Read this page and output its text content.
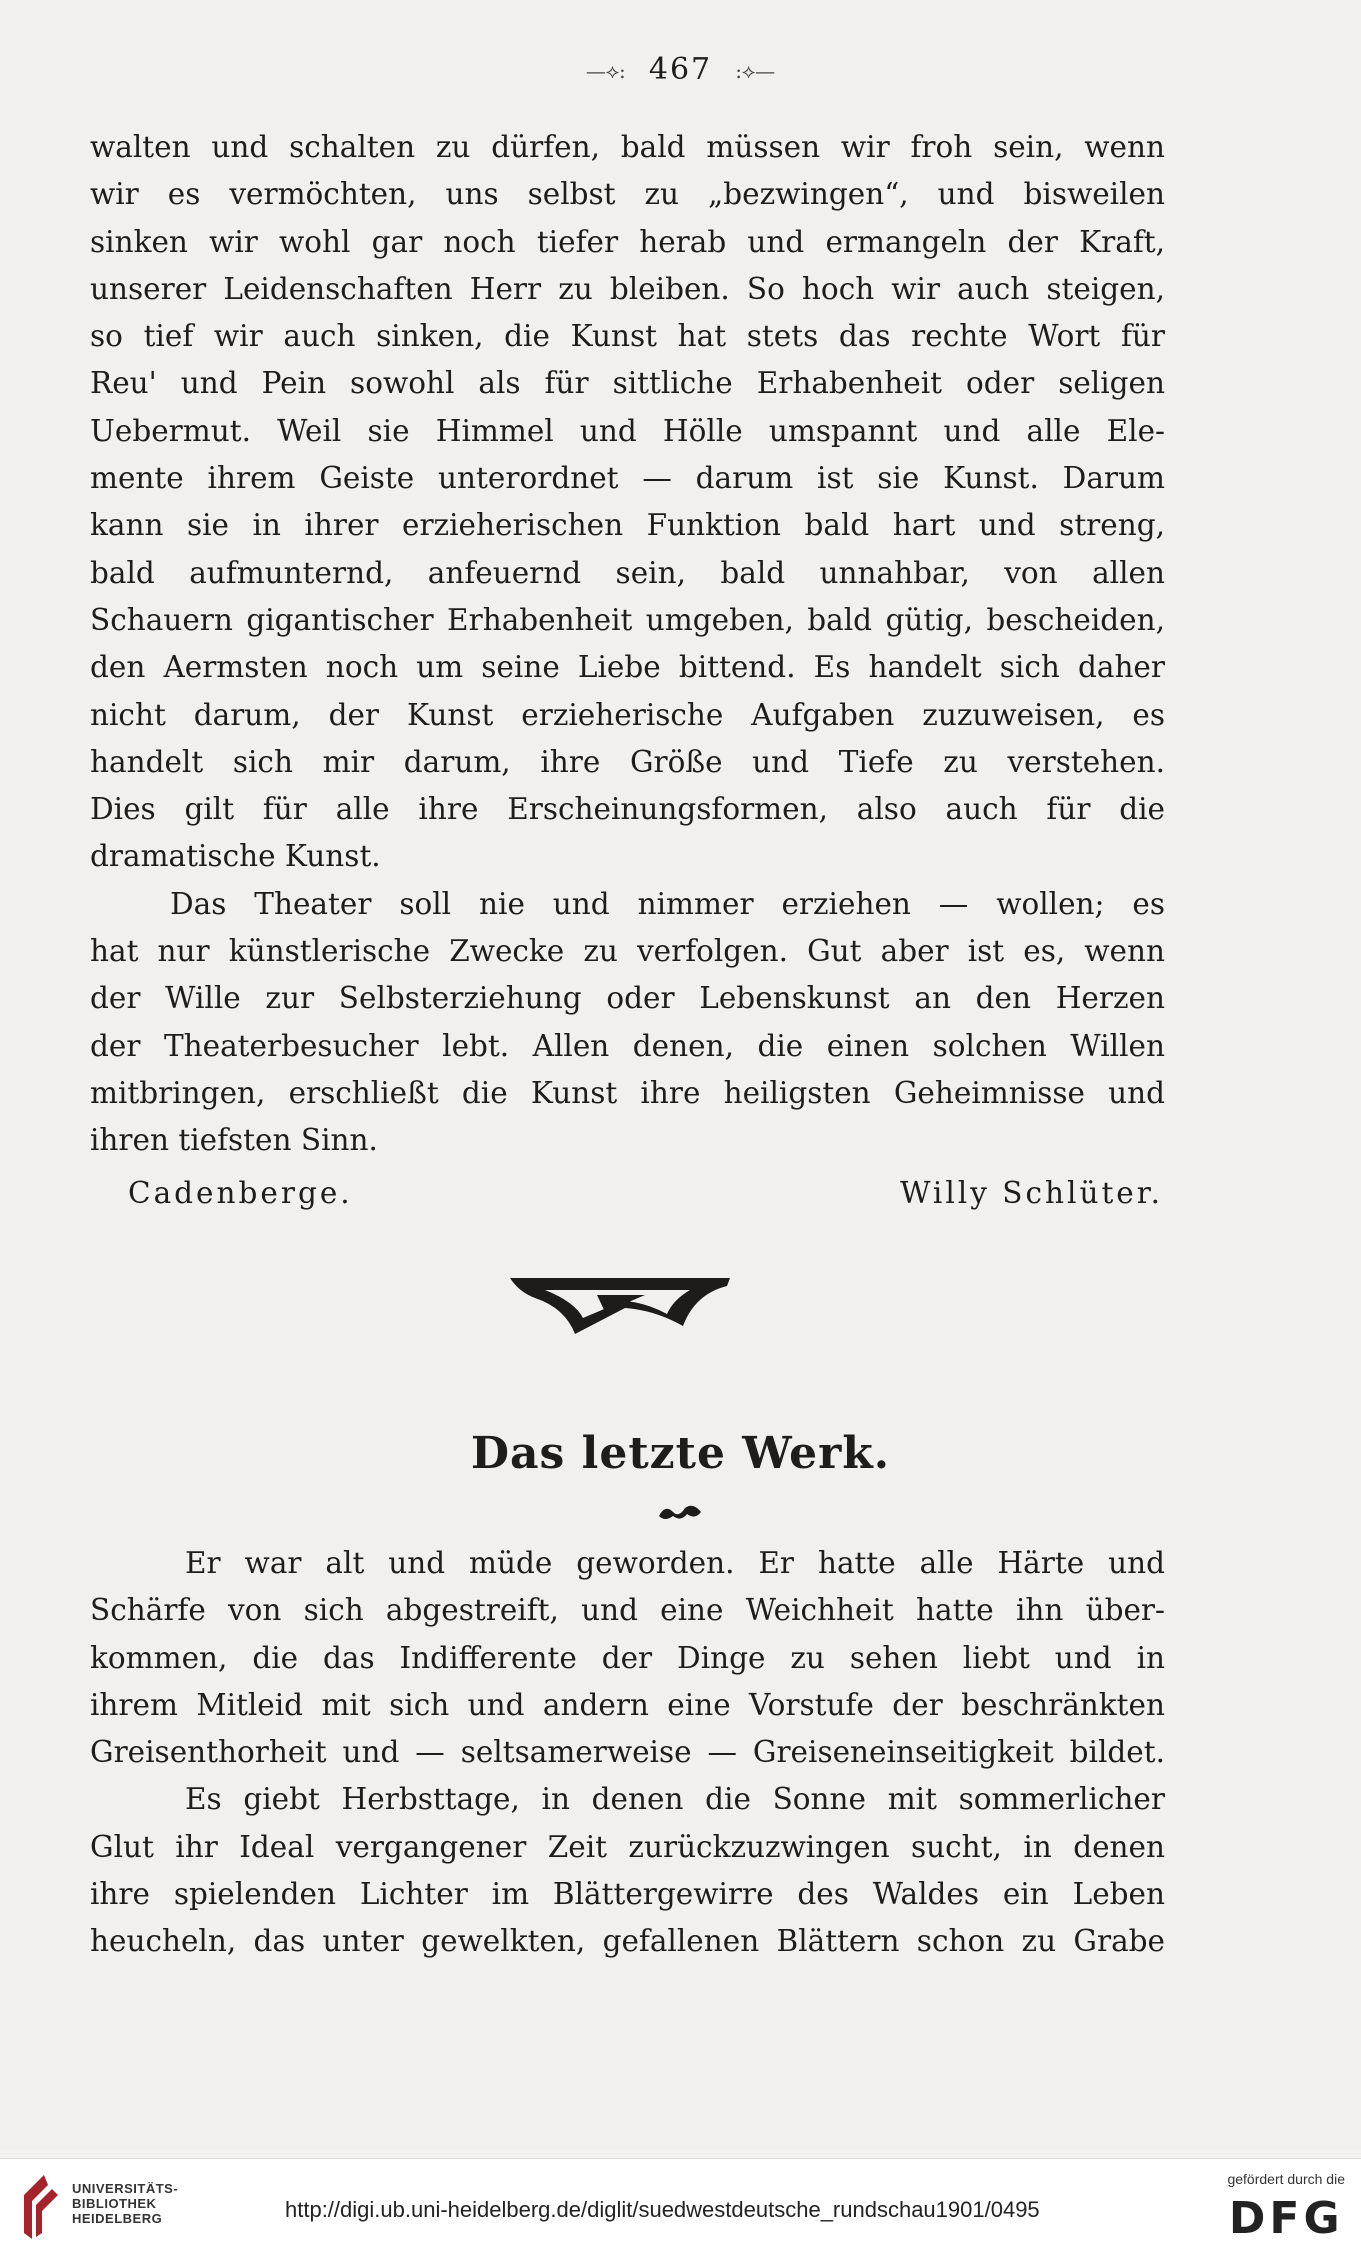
—⟡: 467 :⟡—
walten und schalten zu dürfen, bald müssen wir froh sein, wenn
wir es vermöchten, uns selbst zu „bezwingen“, und bisweilen
sinken wir wohl gar noch tiefer herab und ermangeln der Kraft,
unserer Leidenschaften Herr zu bleiben. So hoch wir auch steigen,
so tief wir auch sinken, die Kunst hat stets das rechte Wort für
Reu' und Pein sowohl als für sittliche Erhabenheit oder seligen
Uebermut. Weil sie Himmel und Hölle umspannt und alle Ele-
mente ihrem Geiste unterordnet — darum ist sie Kunst. Darum
kann sie in ihrer erzieherischen Funktion bald hart und streng,
bald aufmunternd, anfeuernd sein, bald unnahbar, von allen
Schauern gigantischer Erhabenheit umgeben, bald gütig, bescheiden,
den Aermsten noch um seine Liebe bittend. Es handelt sich daher
nicht darum, der Kunst erzieherische Aufgaben zuzuweisen, es
handelt sich mir darum, ihre Größe und Tiefe zu verstehen.
Dies gilt für alle ihre Erscheinungsformen, also auch für die
dramatische Kunst.
Das Theater soll nie und nimmer erziehen — wollen; es
hat nur künstlerische Zwecke zu verfolgen. Gut aber ist es, wenn
der Wille zur Selbsterziehung oder Lebenskunst an den Herzen
der Theaterbesucher lebt. Allen denen, die einen solchen Willen
mitbringen, erschließt die Kunst ihre heiligsten Geheimnisse und
ihren tiefsten Sinn.
Cadenberge.	Willy Schlüter.
Das letzte Werk.
Er war alt und müde geworden. Er hatte alle Härte und
Schärfe von sich abgestreift, und eine Weichheit hatte ihn über-
kommen, die das Indifferente der Dinge zu sehen liebt und in
ihrem Mitleid mit sich und andern eine Vorstufe der beschränkten
Greisenthorheit und — seltsamerweise — Greiseneinseitigkeit bildet.
Es giebt Herbsttage, in denen die Sonne mit sommerlicher
Glut ihr Ideal vergangener Zeit zurückzuzwingen sucht, in denen
ihre spielenden Lichter im Blättergewirre des Waldes ein Leben
heucheln, das unter gewelkten, gefallenen Blättern schon zu Grabe
UNIVERSITÄTS-
BIBLIOTHEK
HEIDELBERG	http://digi.ub.uni-heidelberg.de/diglit/suedwestdeutsche_rundschau1901/0495
gefördert durch die
DFG
